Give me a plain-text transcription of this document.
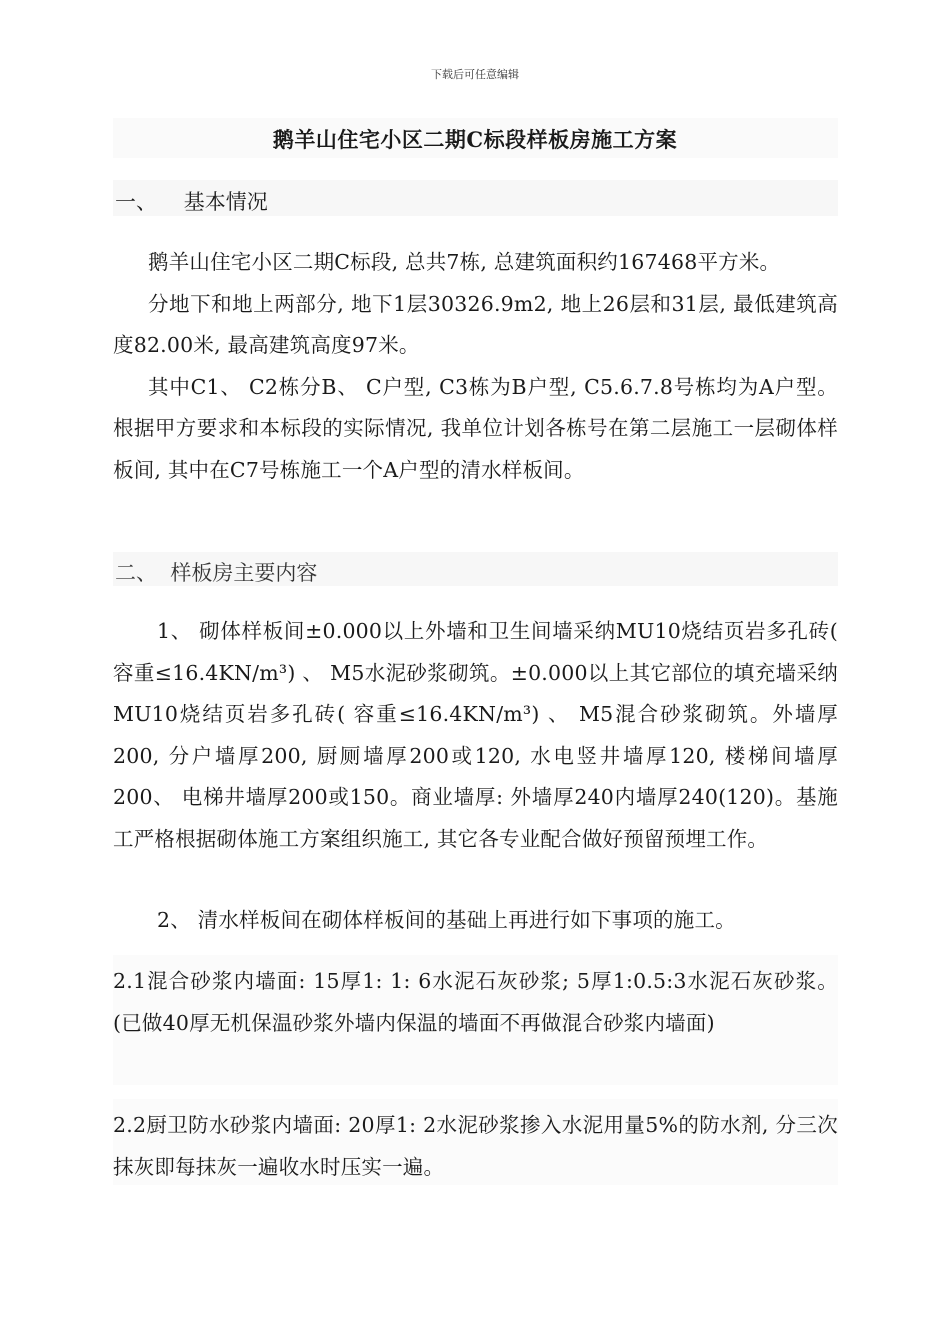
下载后可任意编辑
鹅羊山住宅小区二期C标段样板房施工方案
一、    基本情况

鹅羊山住宅小区二期C标段, 总共7栋, 总建筑面积约167468平方米。

分地下和地上两部分, 地下1层30326.9m2, 地上26层和31层, 最低建筑高度82.00米, 最高建筑高度97米。

其中C1、 C2栋分B、 C户型, C3栋为B户型, C5.6.7.8号栋均为A户型。根据甲方要求和本标段的实际情况, 我单位计划各栋号在第二层施工一层砌体样板间, 其中在C7号栋施工一个A户型的清水样板间。

二、  样板房主要内容

1、 砌体样板间±0.000以上外墙和卫生间墙采纳MU10烧结页岩多孔砖( 容重≤16.4KN/m³) 、 M5水泥砂浆砌筑。±0.000以上其它部位的填充墙采纳MU10烧结页岩多孔砖( 容重≤16.4KN/m³) 、 M5混合砂浆砌筑。外墙厚200, 分户墙厚200, 厨厕墙厚200或120, 水电竖井墙厚120, 楼梯间墙厚200、 电梯井墙厚200或150。商业墙厚: 外墙厚240内墙厚240(120)。基施工严格根据砌体施工方案组织施工, 其它各专业配合做好预留预埋工作。

2、 清水样板间在砌体样板间的基础上再进行如下事项的施工。

2.1混合砂浆内墙面: 15厚1: 1: 6水泥石灰砂浆; 5厚1:0.5:3水泥石灰砂浆。(已做40厚无机保温砂浆外墙内保温的墙面不再做混合砂浆内墙面)

2.2厨卫防水砂浆内墙面: 20厚1: 2水泥砂浆掺入水泥用量5%的防水剂, 分三次抹灰即每抹灰一遍收水时压实一遍。
